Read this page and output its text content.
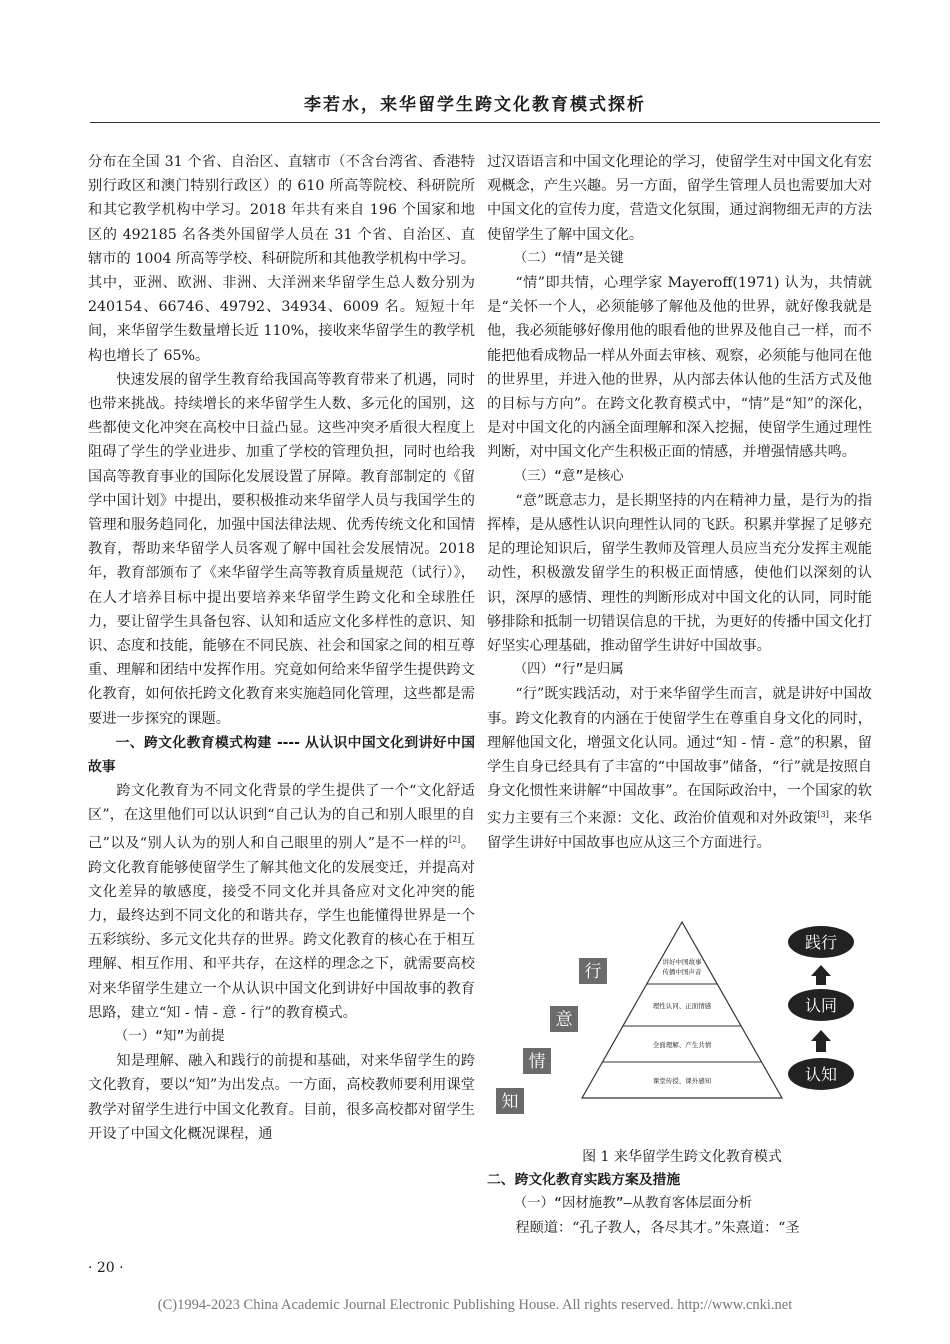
李若水，来华留学生跨文化教育模式探析

分布在全国 31 个省、自治区、直辖市（不含台湾省、香港特别行政区和澳门特别行政区）的 610 所高等院校、科研院所和其它教学机构中学习。2018 年共有来自 196 个国家和地区的 492185 名各类外国留学人员在 31 个省、自治区、直辖市的 1004 所高等学校、科研院所和其他教学机构中学习。其中，亚洲、欧洲、非洲、大洋洲来华留学生总人数分别为 240154、66746、49792、34934、6009 名。短短十年间，来华留学生数量增长近 110%，接收来华留学生的教学机构也增长了 65%。

快速发展的留学生教育给我国高等教育带来了机遇，同时也带来挑战。持续增长的来华留学生人数、多元化的国别，这些都使文化冲突在高校中日益凸显。这些冲突矛盾很大程度上阻碍了学生的学业进步、加重了学校的管理负担，同时也给我国高等教育事业的国际化发展设置了屏障。教育部制定的《留学中国计划》中提出，要积极推动来华留学人员与我国学生的管理和服务趋同化，加强中国法律法规、优秀传统文化和国情教育，帮助来华留学人员客观了解中国社会发展情况。2018 年，教育部颁布了《来华留学生高等教育质量规范（试行）》，在人才培养目标中提出要培养来华留学生跨文化和全球胜任力，要让留学生具备包容、认知和适应文化多样性的意识、知识、态度和技能，能够在不同民族、社会和国家之间的相互尊重、理解和团结中发挥作用。究竟如何给来华留学生提供跨文化教育，如何依托跨文化教育来实施趋同化管理，这些都是需要进一步探究的课题。

一、跨文化教育模式构建 ---- 从认识中国文化到讲好中国故事

跨文化教育为不同文化背景的学生提供了一个“文化舒适区”，在这里他们可以认识到“自己认为的自己和别人眼里的自己”以及“别人认为的别人和自己眼里的别人”是不一样的[2]。跨文化教育能够使留学生了解其他文化的发展变迁，并提高对文化差异的敏感度，接受不同文化并具备应对文化冲突的能力，最终达到不同文化的和谐共存，学生也能懂得世界是一个五彩缤纷、多元文化共存的世界。跨文化教育的核心在于相互理解、相互作用、和平共存，在这样的理念之下，就需要高校对来华留学生建立一个从认识中国文化到讲好中国故事的教育思路，建立“知 - 情 - 意 - 行”的教育模式。

（一）“知”为前提

知是理解、融入和践行的前提和基础，对来华留学生的跨文化教育，要以“知”为出发点。一方面，高校教师要利用课堂教学对留学生进行中国文化教育。目前，很多高校都对留学生开设了中国文化概况课程，通

过汉语语言和中国文化理论的学习，使留学生对中国文化有宏观概念，产生兴趣。另一方面，留学生管理人员也需要加大对中国文化的宣传力度，营造文化氛围，通过润物细无声的方法使留学生了解中国文化。

（二）“情”是关键

“情”即共情，心理学家 Mayeroff(1971) 认为，共情就是“关怀一个人，必须能够了解他及他的世界，就好像我就是他，我必须能够好像用他的眼看他的世界及他自己一样，而不能把他看成物品一样从外面去审核、观察，必须能与他同在他的世界里，并进入他的世界，从内部去体认他的生活方式及他的目标与方向”。在跨文化教育模式中，“情”是“知”的深化，是对中国文化的内涵全面理解和深入挖掘，使留学生通过理性判断，对中国文化产生积极正面的情感，并增强情感共鸣。

（三）“意”是核心

“意”既意志力，是长期坚持的内在精神力量，是行为的指挥棒，是从感性认识向理性认同的飞跃。积累并掌握了足够充足的理论知识后，留学生教师及管理人员应当充分发挥主观能动性，积极激发留学生的积极正面情感，使他们以深刻的认识，深厚的感情、理性的判断形成对中国文化的认同，同时能够排除和抵制一切错误信息的干扰，为更好的传播中国文化打好坚实心理基础，推动留学生讲好中国故事。

（四）“行”是归属

“行”既实践活动，对于来华留学生而言，就是讲好中国故事。跨文化教育的内涵在于使留学生在尊重自身文化的同时，理解他国文化，增强文化认同。通过“知 - 情 - 意”的积累，留学生自身已经具有了丰富的“中国故事”储备，“行”就是按照自身文化惯性来讲解“中国故事”。在国际政治中，一个国家的软实力主要有三个来源：文化、政治价值观和对外政策[3]，来华留学生讲好中国故事也应从这三个方面进行。

讲好中国故事
传播中国声音
理性认同、正面情感
全面理解、产生共情
课堂传授、课外感知
行
意
情
知
践行
认同
认知
图 1 来华留学生跨文化教育模式
二、跨文化教育实践方案及措施
（一）“因材施教”—从教育客体层面分析
程颐道：“孔子教人，各尽其才。”朱熹道：“圣
· 20 ·
(C)1994-2023 China Academic Journal Electronic Publishing House. All rights reserved. http://www.cnki.net
